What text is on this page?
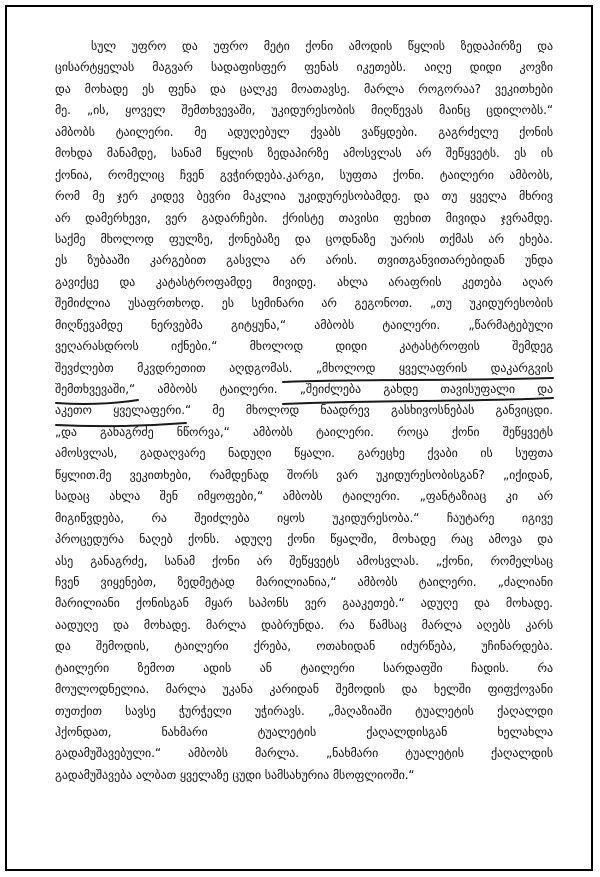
სულ უფრო და უფრო მეტი ქონი ამოდის წყლის ზედაპირზე და
ცისარტყელას მაგვარ სადაფისფერ ფენას იკეთებს. აიღე დიდი კოვზი
და მოხადე ეს ფენა და ცალკე მოათავსე. მარლა როგორაა? ვეკითხები
მე. „ის, ყოველ შემთხვევაში, უკიდურესობის მიღწევას მაინც ცდილობს.“
ამბობს ტაილერი. მე ადუღებულ ქვაბს ვაწყდები. გაგრძელე ქონის
მოხდა მანამდე, სანამ წყლის ზედაპირზე ამოსვლას არ შეწყვეტს. ეს ის
ქონია, რომელიც ჩვენ გვჭირდება.კარგი, სუფთა ქონი. ტაილერი ამბობს,
რომ მე ჯერ კიდევ ბევრი მაკლია უკიდურესობამდე. და თუ ყველა მხრივ
არ დამერხევი, ვერ გადარჩები. ქრისტე თავისი ფეხით მივიდა ჯვრამდე.
საქმე მხოლოდ ფულზე, ქონებაზე და ცოდნაზე უარის თქმას არ ეხება.
ეს ზუბააში კარგებით გასვლა არ არის. თვითგანვითარებიდან უნდა
გავიქცე და კატასტროფამდე მივიდე. ახლა არაფრის კეთება აღარ
შემიძლია უსაფრთხოდ. ეს სემინარი არ გეგონოთ. „თუ უკიდურესობის
მიღწევამდე ნერვებმა გიტყუნა,“ ამბობს ტაილერი. „წარმატებული
ვეღარასდროს იქნები.“ მხოლოდ დიდი კატასტროფის შემდეგ
შევძლებთ მკვდრეთით აღდგომას. „მხოლოდ ყველაფრის დაკარგვის
შემთხვევაში,“ ამბობს ტაილერი. „შეიძლება გახდე თავისუფალი და
აკეთო ყველაფერი.“ მე მხოლოდ ნაადრევ გასხივოსნებას განვიცდი.
„და განაგრძე ნწორვა,“ ამბობს ტაილერი. როცა ქონი შეწყვეტს
ამოსვლას, გადაღვარე ნადუღი წყალი. გარეცხე ქვაბი ის სუფთა
წყლით.მე ვეკითხები, რამდენად შორს ვარ უკიდურესობისგან? „იქიდან,
სადაც ახლა შენ იმყოფები,“ ამბობს ტაილერი. „ფანტაზიაც კი არ
მიგიწვდება, რა შეიძლება იყოს უკიდურესობა.“ ჩაუტარე იგივე
პროცედურა ნაღებ ქონს. ადუღე ქონი წყალში, მოხადე რაც ამოვა და
ასე განაგრძე, სანამ ქონი არ შეწყვეტს ამოსვლას. „ქონი, რომელსაც
ჩვენ ვიყენებთ, ზედმეტად მარილიანია,“ ამბობს ტაილერი. „ძალიანი
მარილიანი ქონისგან მყარ საპონს ვერ გააკეთებ.“ ადუღე და მოხადე.
აადუღე და მოხადე. მარლა დაბრუნდა. რა წამსაც მარლა აღებს კარს
და შემოდის, ტაილერი ქრება, ოთახიდან იძურწება, უჩინარდება.
ტაილერი ზემოთ ადის ან ტაილერი სარდაფში ჩადის. რა
მოულოდნელია. მარლა უკანა კარიდან შემოდის და ხელში ფიფქოვანი
თუთქით სავსე ჭურჭელი უჭირავს. „მაღაზიაში ტუალეტის ქაღალდი
ჰქონდათ, ნახმარი ტუალეტის ქაღალდისგან ხელახლა
გადამუშავებული.“ ამბობს მარლა. „ნახმარი ტუალეტის ქაღალდის
გადამუშავება ალბათ ყველაზე ცუდი სამსახურია მსოფლიოში.“
